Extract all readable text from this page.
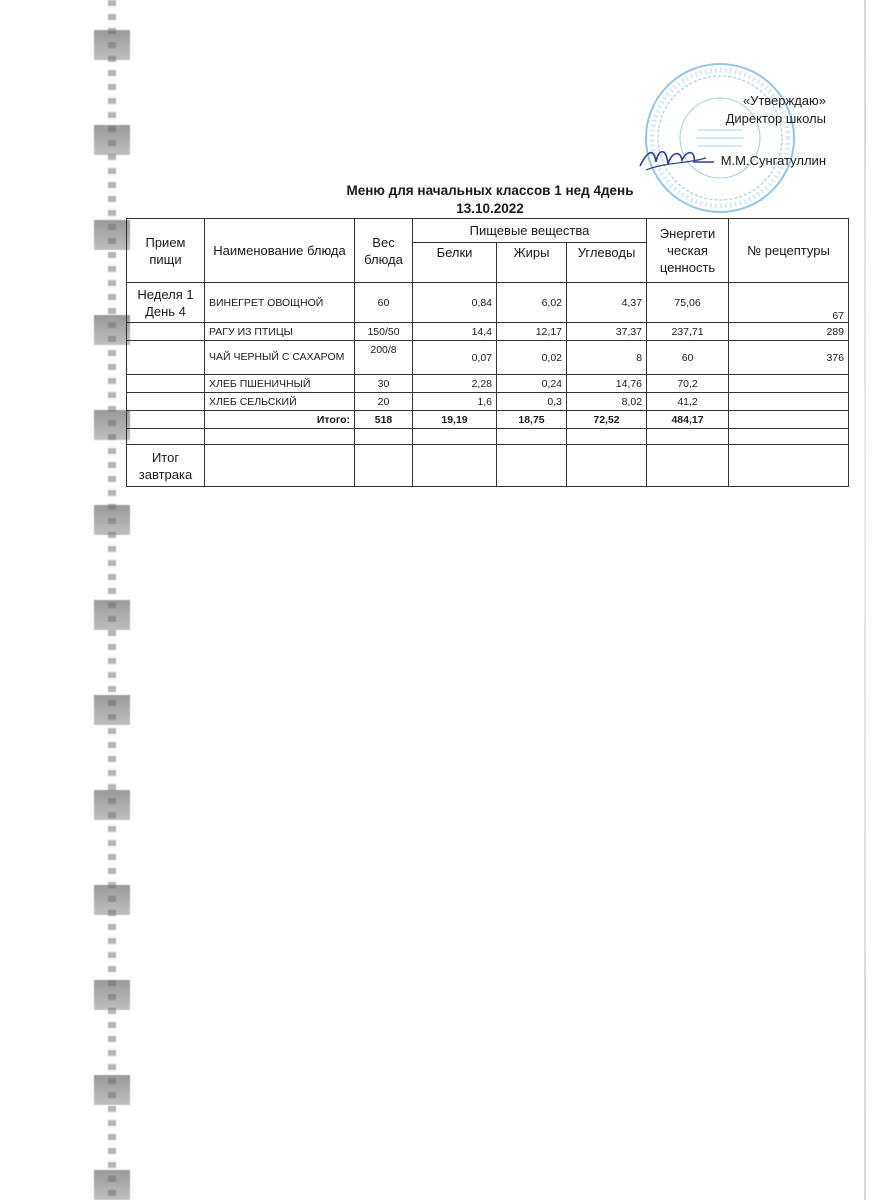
«Утверждаю»
Директор школы
М.М.Сунгатуллин
Меню для начальных классов 1 нед 4день
13.10.2022
Прием пищи	Наименование блюда	Вес блюда	Пищевые вещества			Энергети ческая ценность	№ рецептуры
			Белки	Жиры	Углеводы		
Неделя 1 День 4	ВИНЕГРЕТ ОВОЩНОЙ	60	0,84	6,02	4,37	75,06	67
	РАГУ ИЗ ПТИЦЫ	150/50	14,4	12,17	37,37	237,71	289
	ЧАЙ ЧЕРНЫЙ С САХАРОМ	200/8	0,07	0,02	8	60	376
	ХЛЕБ ПШЕНИЧНЫЙ	30	2,28	0,24	14,76	70,2	
	ХЛЕБ СЕЛЬСКИЙ	20	1,6	0,3	8,02	41,2	
	Итого:	518	19,19	18,75	72,52	484,17	

Итог завтрака							
